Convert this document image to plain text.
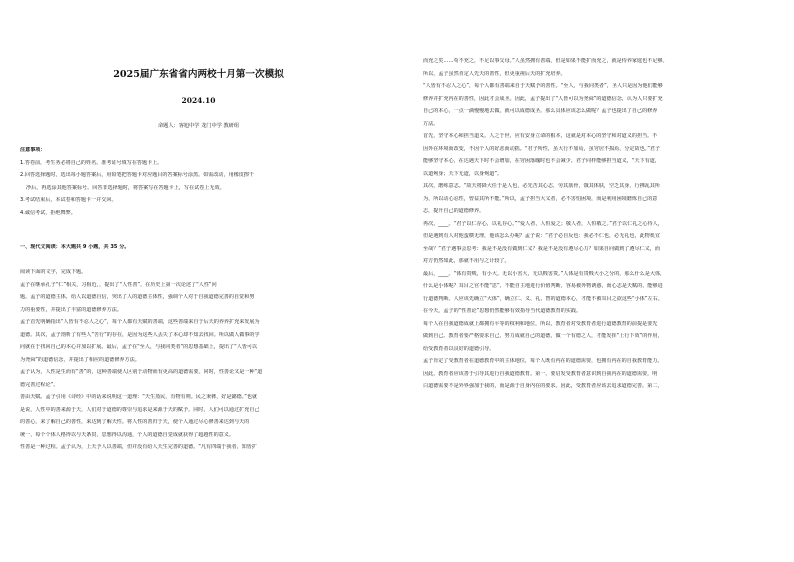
2025届广东省省内两校十月第一次模拟
2024.10
命题人：客旭中学 龙门中学 教研组
注意事项：
1.答卷前，考生务必将自己的姓名、准考证号填写在答题卡上。
2.回答选择题时，选出每小题答案后，用铅笔把答题卡对应题目的答案标号涂黑。如需改动，用橡皮擦干
净后，再选涂其他答案标号。回答非选择题时，将答案写在答题卡上，写在试卷上无效。
3.考试结束后，本试卷和答题卡一并交回。
4.诚信考试，拒绝舞弊。
一、现代文阅读：本大题共 9 小题，共 35 分。
阅读下面的文字，完成下题。
孟子在继承孔子“仁”相关，习相近，，提出了“人性善”，在历史上第一次论述了“人性”问
题。孟子的道德主体，给人以道德自信，突出了人的道德主体性，强调个人对于自我道德完善的自觉和努
力的重要性，并提出了丰富的道德修养方法。
孟子首先明确指出“人皆有不忍人之心”，每个人都有天赋的善端，这些善端来自于后天的养养扩充来发展为
道德。其次，孟子剖析了有些人“苦行”的存在，是因为这些人丢失了本心却不知去找回。所以做人做事的学
问就在于找回自己的本心并加以扩展。最后，孟子在“至人，与我同类者”的思想基础上，提出了“人皆可以
为尧舜”的道德信念，并提出了相应的道德修养方法。
孟子认为，人性是生而有“善”的，这种善端使人区别于动物而有更高的道德需要。同时，性善论又是一种“道
德完善过程论”。
善由天赋。孟子引用《诗经》中的话来说明这一道理：“天生蒸民，有物有则。民之秉彝，好是懿德。”也就
是说，人性中的善来源于天，人们对于道德的尊崇与追求是来源于天的赋予。同时，人们可以通过扩充自己
的善心，来了解自己的善性，来达到了解天性。将人性的善归于天，使个人通过尽心修善来达到与天的
统一，每个个体人格得以与天条贯，思想得以沟通，个人的道德自觉成就获得了超越性的意义。
性善是一种过程。孟子认为，上天予人以善端，但并没有给人天生完善的道德。“凡有四端于我者，知皆扩
而充之矣……苟不充之，不足以事父母。”人虽然拥有善端，但是如果不能扩而充之，就是侍养家庭也不足够。
所以，孟子虽然肯定人先天的善性，但更重视后天的扩充培养。
“人皆有不忍人之心”，每个人都有善端来自于天赋予的善性。“至人，与我同类者”，圣人只是因为他们能够
修养并扩充内在的善性，因此才会成圣。因此，孟子提出了“人皆可以为尧舜”的道德信念，认为人只要扩充
自己的本心，一点一滴慢慢地去做，就可以成德成圣。那么具体应该怎么做呢？孟子也提出了自己的修养
方法。
首先，坚守本心和担当道义。人之于世，应有安身立命的根本，这就是对本心的坚守和对道义的担当。不
因外在环境而改变，不因个人的好恶而动摇。“君子所性，虽大行不加焉，虽穷居不损焉，分定故也。”君子
能够坚守本心，在达遇天下时不会增加，在穷困落魄时也不会减少。君子同样能够担当道义，“天下有道，
以道殉身；天下无道，以身殉道”。
其次，磨练意志。“故天将降大任于是人也，必先苦其心志，劳其筋骨，饿其体肤，空乏其身，行拂乱其所
为，所以动心忍性，曾益其所不能。”所以，孟子担当大义者，必不害怕困境，而是利用困境磨炼自己的意
志，提升自己的道德修养。
再次，____。“君子以仁存心，以礼存心。”“爱人者，人恒爱之；敬人者，人恒敬之。”君子以仁礼之心待人，
但是遇到有人对他蛮横无理，他该怎么办呢？孟子说：“君子必自反也：我必不仁也，必无礼也，此物奚宜
至哉？”君子遇事会思考：我是不是没有做到仁义？我是不是没有遵尽心力？如果自问做到了遵尽仁义，而
对方仍然如此，那就不用与之计较了。
最后，____。“体有贵贱，有小大。无以小害大，无以贱害贵。”人体是有贵贱大小之分的，那么什么是大体，
什么是小体呢？耳目之官不能“思”，不能自主地进行价值判断，容易被外物诱惑，而心志是天赋的，能够进
行道德判断。人应该先确立“大体”，确立仁、义、礼、智的道德本心，才能不被耳目之欲这些“小体”左右。
在今天，孟子的“性善论”思想仍然能够有效指导当代道德教育的实践。
每个人在自我道德成就上都拥有平等的权利和地位，所以，教育者对受教育者进行道德教育的前提是要先
做到自己。教育者要严格要求自己，努力成就自己的道德，做一个有德之人，才能发挥“上行下效”的作用，
给受教育者以良好的道德引导。
孟子肯定了受教育者在道德教育中的主体地位，每个人既有内在的道德需要，也拥有内在的自我教育能力。
因此，教育者应该善于引导其进行自我道德教育。第一，要启发受教育者意识到自我内在的道德需要，明
白道德需要不是外界强加于我的，而是源于自身内在的要求。因此，受教育者应该去追求道德完善。第二，
